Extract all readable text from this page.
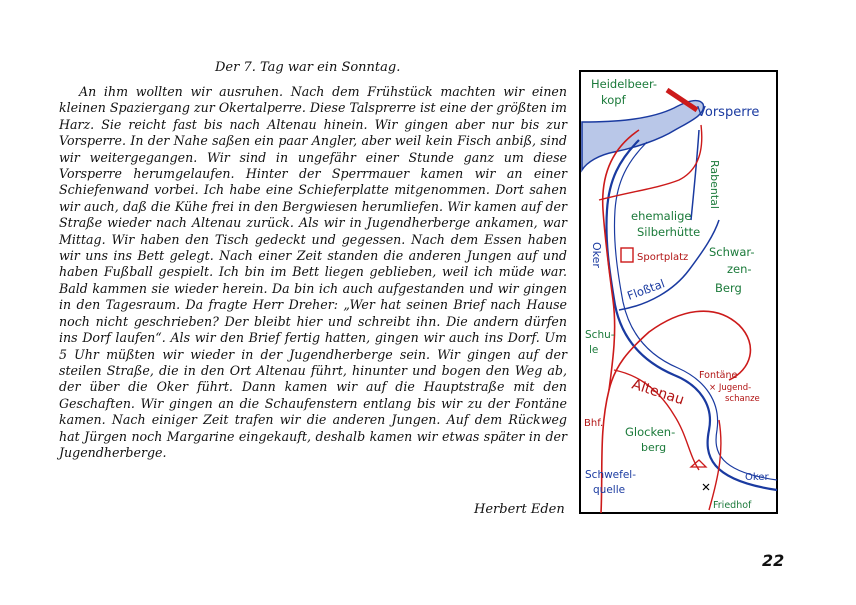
Der 7. Tag war ein Sonntag.

An ihm wollten wir ausruhen. Nach dem Frühstück machten wir einen kleinen Spaziergang zur Okertalperre. Diese Talsprerre ist eine der größten im Harz. Sie reicht fast bis nach Altenau hinein. Wir gingen aber nur bis zur Vorsperre. In der Nahe saßen ein paar Angler, aber weil kein Fisch anbiß, sind wir weitergegangen. Wir sind in ungefähr einer Stunde ganz um diese Vorsperre herumgelaufen. Hinter der Sperrmauer kamen wir an einer Schiefenwand vorbei. Ich habe eine Schieferplatte mitgenommen. Dort sahen wir auch, daß die Kühe frei in den Bergwiesen herumliefen. Wir kamen auf der Straße wieder nach Altenau zurück. Als wir in Jugendherberge ankamen, war Mittag. Wir haben den Tisch gedeckt und gegessen. Nach dem Essen haben wir uns ins Bett gelegt. Nach einer Zeit standen die anderen Jungen auf und haben Fußball gespielt. Ich bin im Bett liegen geblieben, weil ich müde war. Bald kammen sie wieder herein. Da bin ich auch aufgestanden und wir gingen in den Tagesraum. Da fragte Herr Dreher: „Wer hat seinen Brief nach Hause noch nicht geschrieben? Der bleibt hier und schreibt ihn. Die andern dürfen ins Dorf laufen“. Als wir den Brief fertig hatten, gingen wir auch ins Dorf. Um 5 Uhr müßten wir wieder in der Jugendherberge sein. Wir gingen auf der steilen Straße, die in den Ort Altenau führt, hinunter und bogen den Weg ab, der über die Oker führt. Dann kamen wir auf die Hauptstraße mit den Geschaften. Wir gingen an die Schaufenstern entlang bis wir zu der Fontäne kamen. Nach einiger Zeit trafen wir die anderen Jungen. Auf dem Rückweg hat Jürgen noch Margarine eingekauft, deshalb kamen wir etwas später in der Jugendherberge.

Herbert Eden
22
Heidelbeer-
kopf
Vorsperre
Rabental
ehemalige
Silberhütte
Sportplatz Schwar-
zen-
Berg
Oker
Floßtal
Schu-
le
Altenau
Fontäne
× Jugend-
schanze
Bhf.
Glocken-
berg
Schwefel-
quelle
Oker
Friedhof
